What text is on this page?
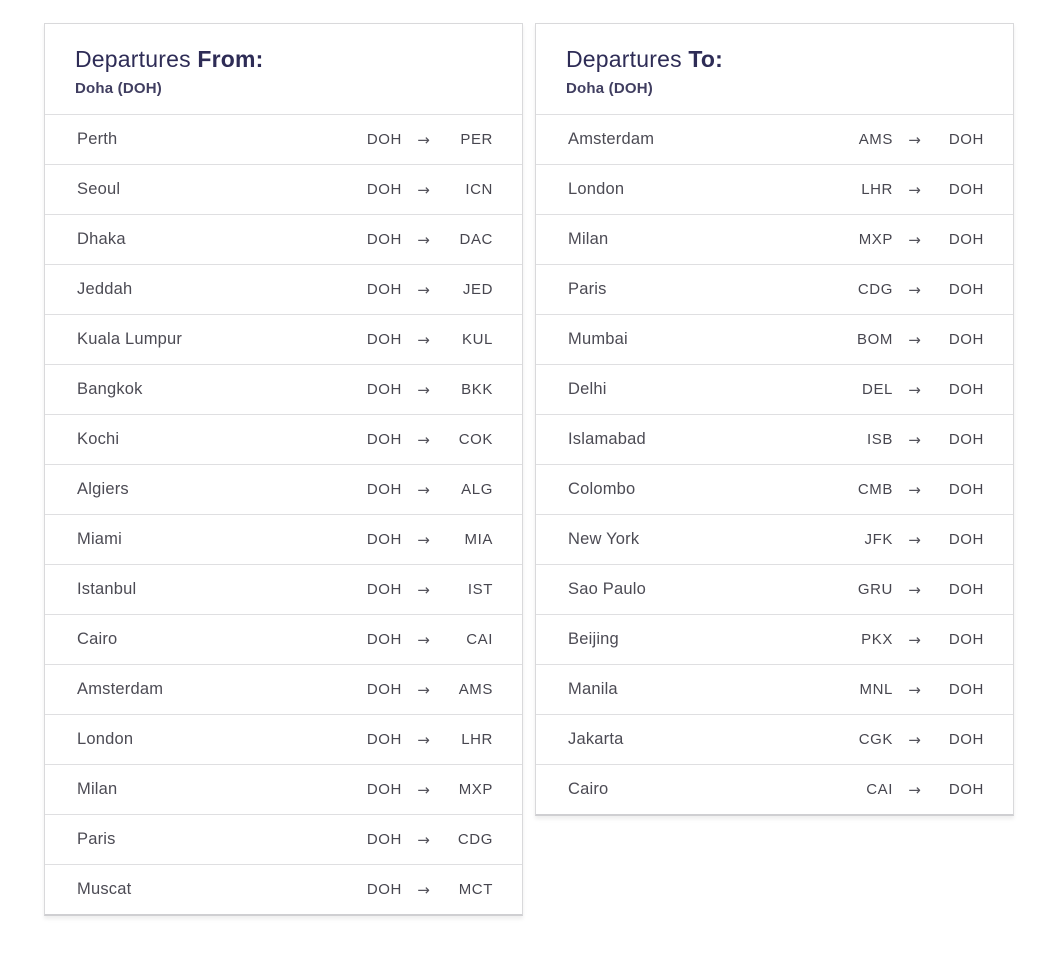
Departures From:
Doha (DOH)
Perth	DOH	→	PER
Seoul	DOH	→	ICN
Dhaka	DOH	→	DAC
Jeddah	DOH	→	JED
Kuala Lumpur	DOH	→	KUL
Bangkok	DOH	→	BKK
Kochi	DOH	→	COK
Algiers	DOH	→	ALG
Miami	DOH	→	MIA
Istanbul	DOH	→	IST
Cairo	DOH	→	CAI
Amsterdam	DOH	→	AMS
London	DOH	→	LHR
Milan	DOH	→	MXP
Paris	DOH	→	CDG
Muscat	DOH	→	MCT
Departures To:
Doha (DOH)
Amsterdam	AMS	→	DOH
London	LHR	→	DOH
Milan	MXP	→	DOH
Paris	CDG	→	DOH
Mumbai	BOM	→	DOH
Delhi	DEL	→	DOH
Islamabad	ISB	→	DOH
Colombo	CMB	→	DOH
New York	JFK	→	DOH
Sao Paulo	GRU	→	DOH
Beijing	PKX	→	DOH
Manila	MNL	→	DOH
Jakarta	CGK	→	DOH
Cairo	CAI	→	DOH
